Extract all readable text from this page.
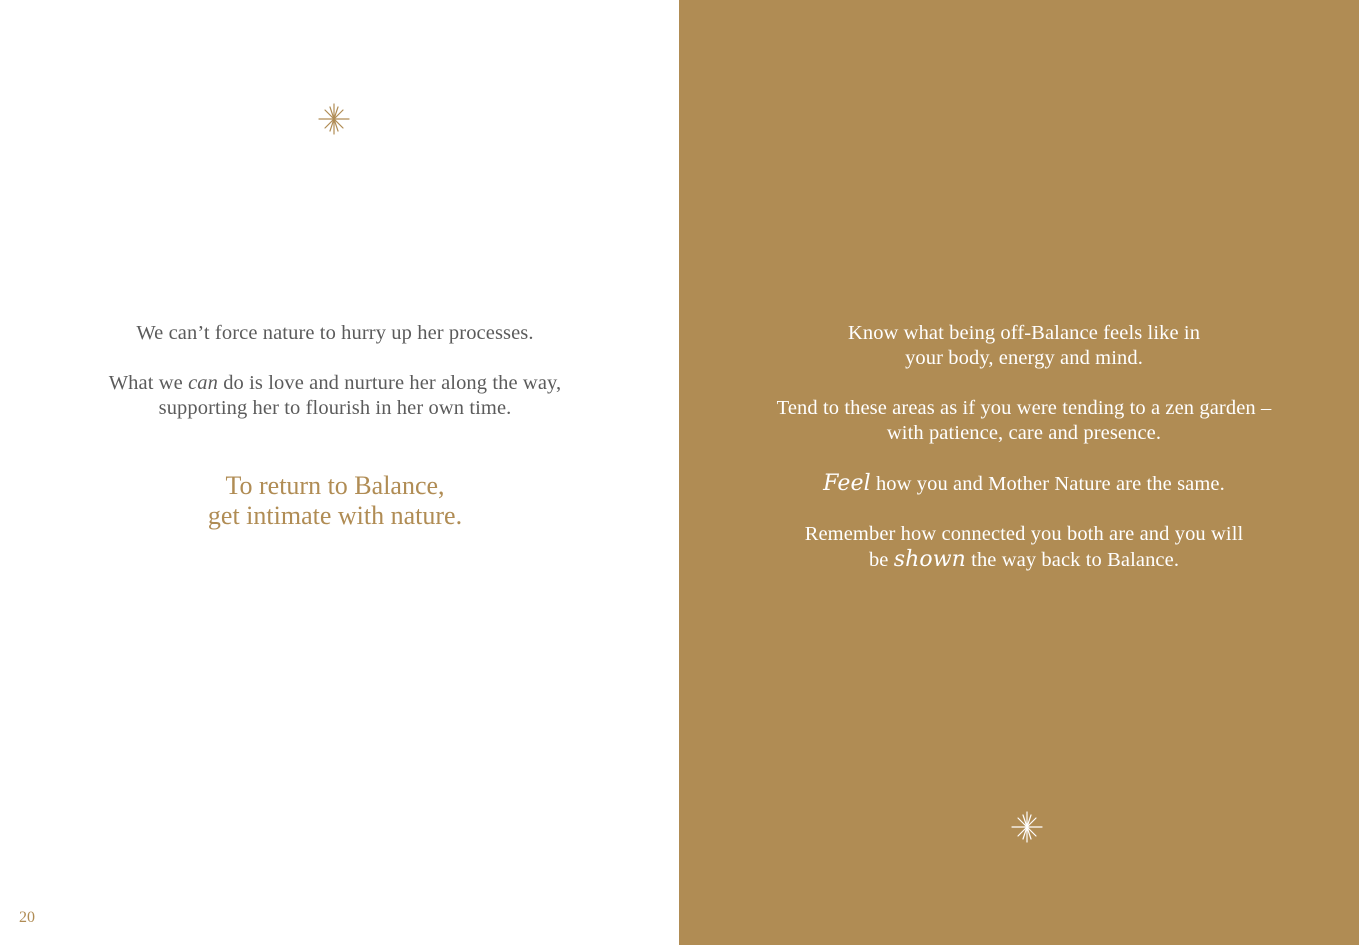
We can’t force nature to hurry up her processes.

What we can do is love and nurture her along the way,
supporting her to flourish in her own time.

To return to Balance,
get intimate with nature.

Know what being off-Balance feels like in
your body, energy and mind.

Tend to these areas as if you were tending to a zen garden –
with patience, care and presence.

Feel how you and Mother Nature are the same.

Remember how connected you both are and you will
be shown the way back to Balance.

20
